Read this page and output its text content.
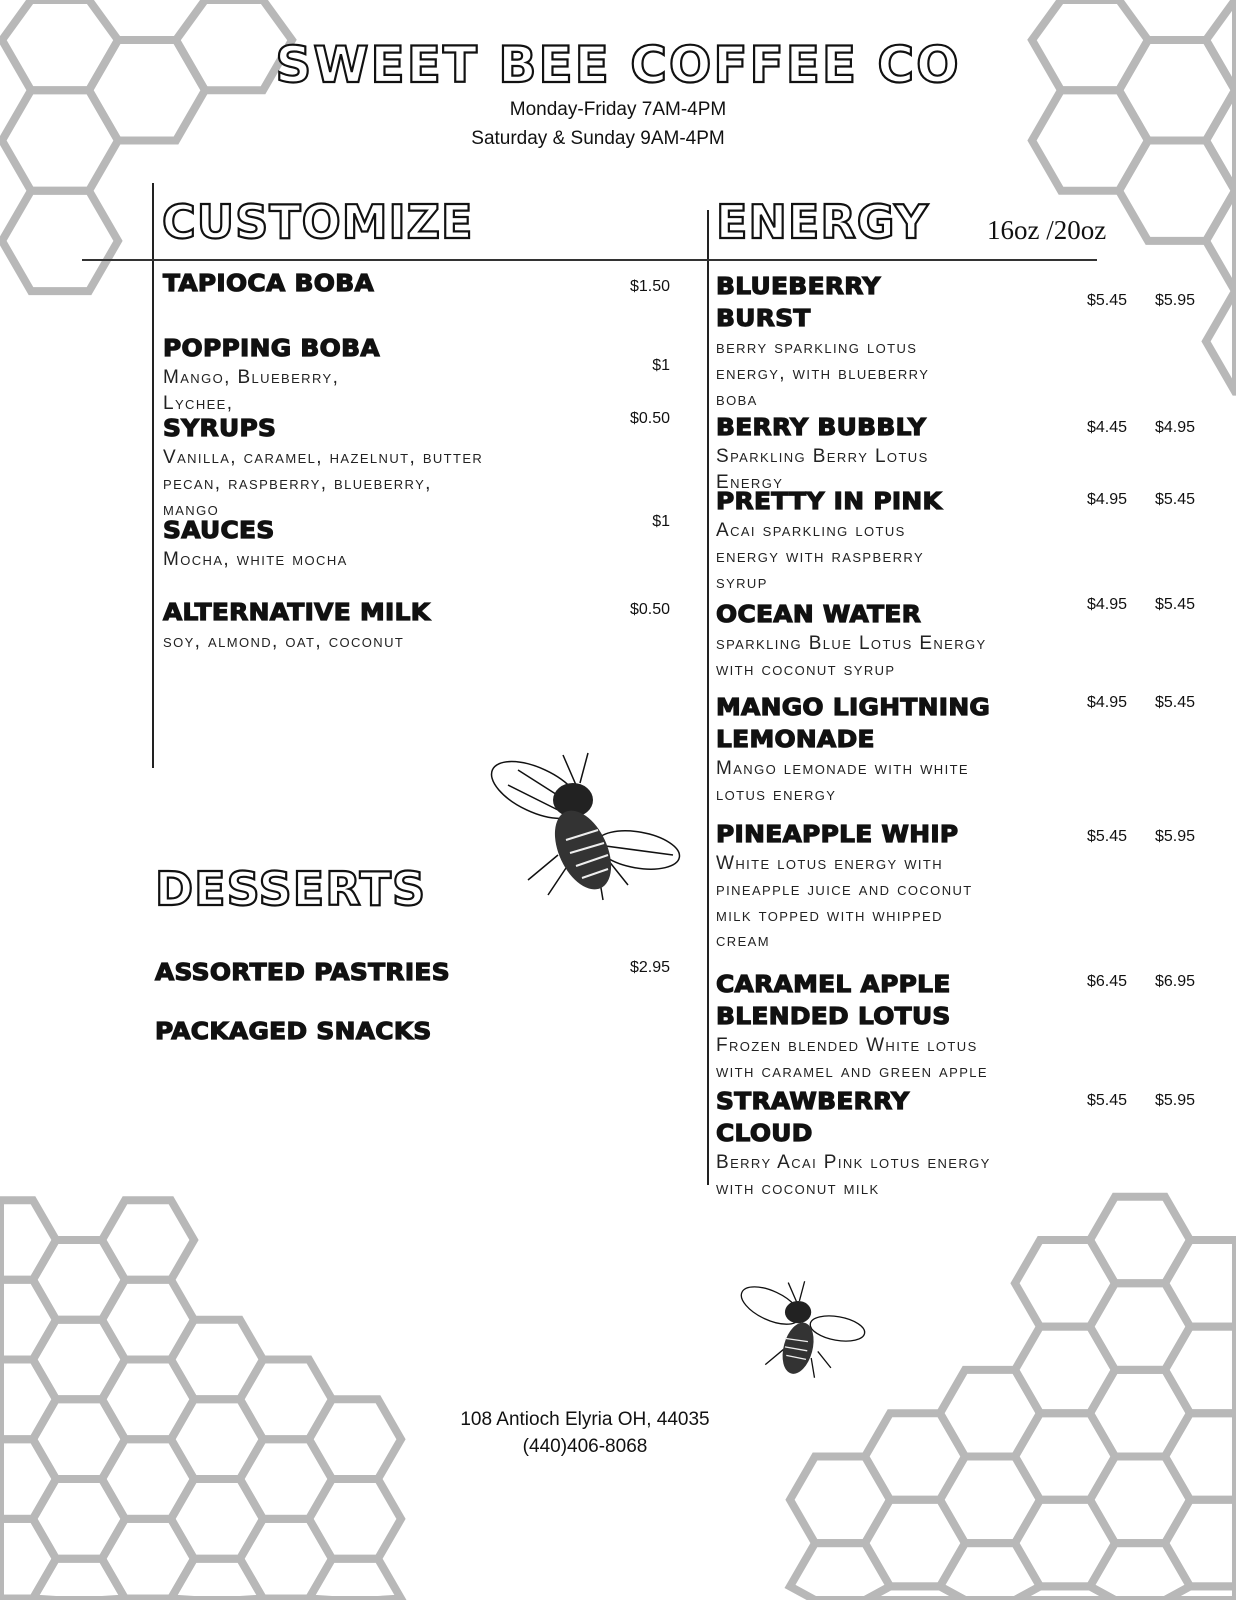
SWEET BEE COFFEE CO
Monday-Friday 7AM-4PM
Saturday & Sunday 9AM-4PM
CUSTOMIZE	ENERGY 16oz /20oz
DESSERTS
TAPIOCA BOBA	$1.50
POPPING BOBA
Mango, Blueberry,
Lychee,
$1
SYRUPS
Vanilla, caramel, hazelnut, butter
pecan, raspberry, blueberry,
mango
$0.50
SAUCES
Mocha, white mocha
$1
ALTERNATIVE MILK
soy, almond, oat, coconut
$0.50
BLUEBERRY
BURST
berry sparkling lotus
energy, with blueberry
boba
$5.45	$5.95
BERRY BUBBLY
Sparkling Berry Lotus
Energy
$4.45	$4.95
PRETTY IN PINK
Acai sparkling lotus
energy with raspberry
syrup
$4.95	$5.45
OCEAN WATER
sparkling Blue Lotus Energy
with coconut syrup
$4.95	$5.45
MANGO LIGHTNING
LEMONADE
Mango lemonade with white
lotus energy
$4.95	$5.45
PINEAPPLE WHIP
White lotus energy with
pineapple juice and coconut
milk topped with whipped
cream
$5.45	$5.95
CARAMEL APPLE
BLENDED LOTUS
Frozen blended White lotus
with caramel and green apple
$6.45	$6.95
STRAWBERRY
CLOUD
Berry Acai Pink lotus energy
with coconut milk
$5.45	$5.95
ASSORTED PASTRIES	$2.95
PACKAGED SNACKS
108 Antioch Elyria OH, 44035
(440)406-8068
